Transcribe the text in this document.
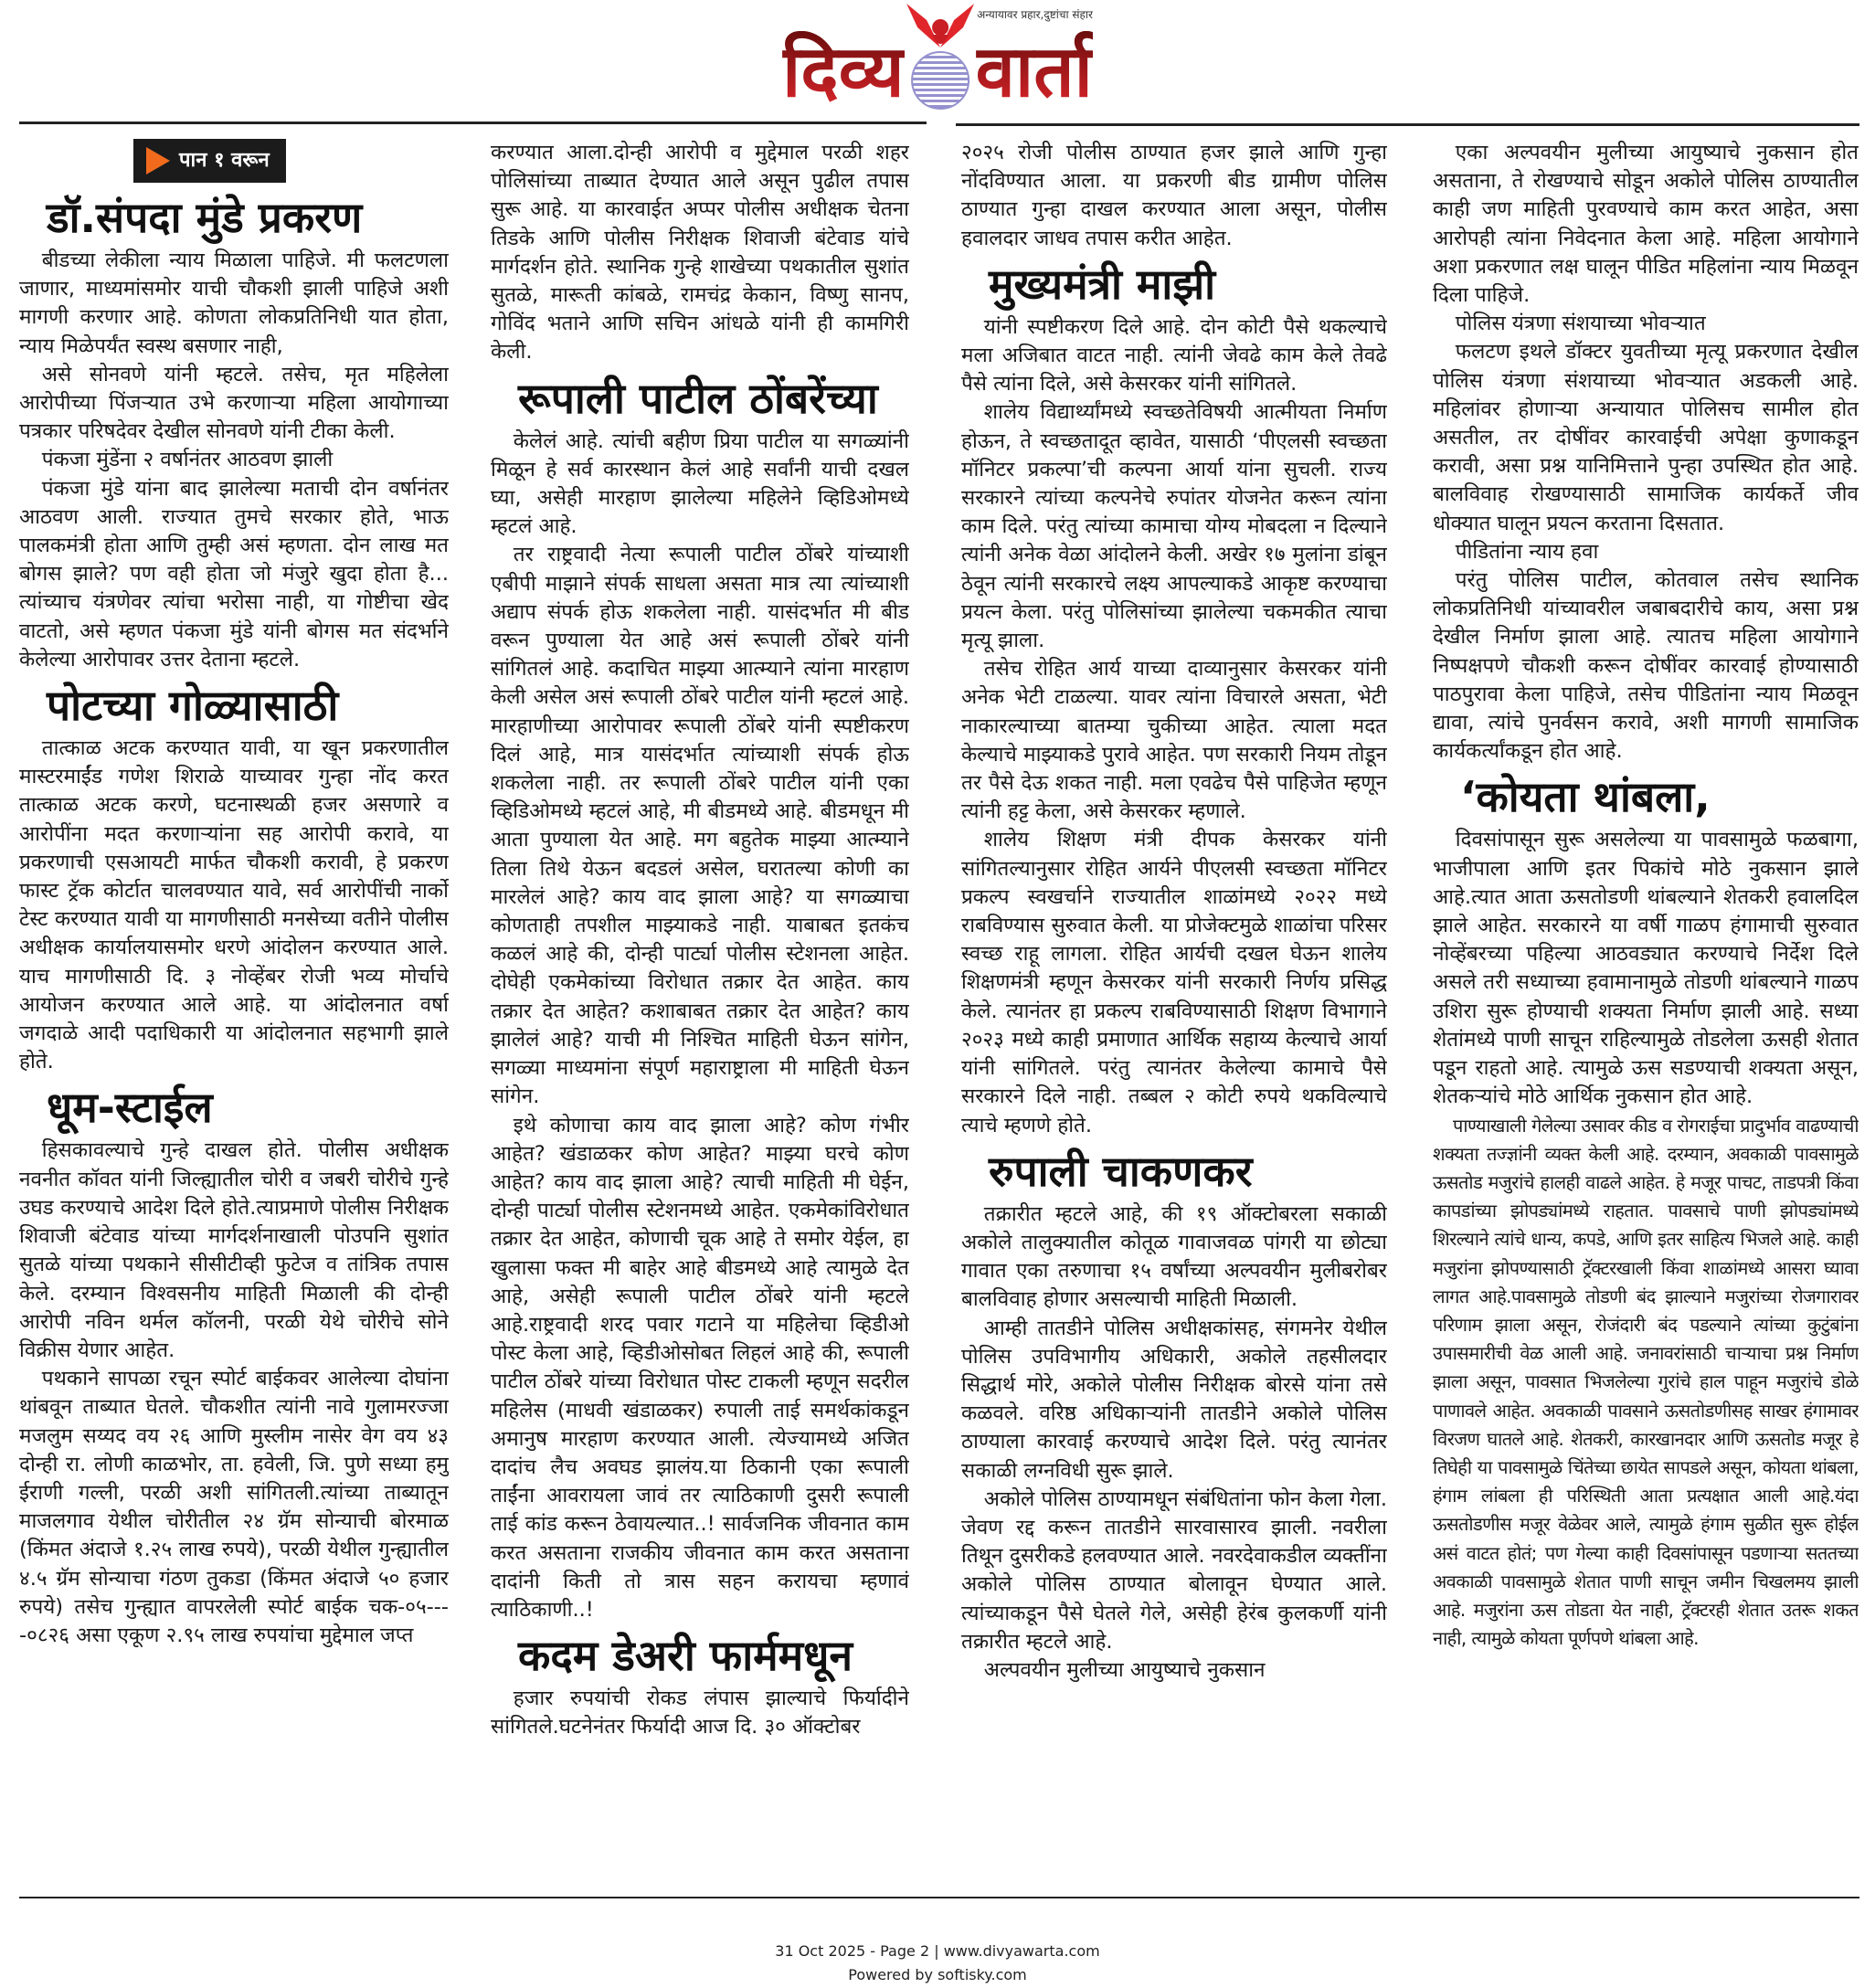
अन्यायावर प्रहार,दुष्टांचा संहार
दिव्य वार्ता
पान १ वरून
डॉ.संपदा मुंडे प्रकरण

बीडच्या लेकीला न्याय मिळाला पाहिजे. मी फलटणला जाणार, माध्यमांसमोर याची चौकशी झाली पाहिजे अशी मागणी करणार आहे. कोणता लोकप्रतिनिधी यात होता, न्याय मिळेपर्यंत स्वस्थ बसणार नाही,

असे सोनवणे यांनी म्हटले. तसेच, मृत महिलेला आरोपीच्या पिंजऱ्यात उभे करणाऱ्या महिला आयोगाच्या पत्रकार परिषदेवर देखील सोनवणे यांनी टीका केली.

पंकजा मुंडेंना २ वर्षानंतर आठवण झाली

पंकजा मुंडे यांना बाद झालेल्या मताची दोन वर्षानंतर आठवण आली. राज्यात तुमचे सरकार होते, भाऊ पालकमंत्री होता आणि तुम्ही असं म्हणता. दोन लाख मत बोगस झाले? पण वही होता जो मंजुरे खुदा होता है... त्यांच्याच यंत्रणेवर त्यांचा भरोसा नाही, या गोष्टीचा खेद वाटतो, असे म्हणत पंकजा मुंडे यांनी बोगस मत संदर्भाने केलेल्या आरोपावर उत्तर देताना म्हटले.

पोटच्या गोळ्यासाठी

तात्काळ अटक करण्यात यावी, या खून प्रकरणातील मास्टरमाईंड गणेश शिराळे याच्यावर गुन्हा नोंद करत तात्काळ अटक करणे, घटनास्थळी हजर असणारे व आरोपींना मदत करणाऱ्यांना सह आरोपी करावे, या प्रकरणाची एसआयटी मार्फत चौकशी करावी, हे प्रकरण फास्ट ट्रॅक कोर्टात चालवण्यात यावे, सर्व आरोपींची नार्को टेस्ट करण्यात यावी या मागणीसाठी मनसेच्या वतीने पोलीस अधीक्षक कार्यालयासमोर धरणे आंदोलन करण्यात आले. याच मागणीसाठी दि. ३ नोव्हेंबर रोजी भव्य मोर्चाचे आयोजन करण्यात आले आहे. या आंदोलनात वर्षा जगदाळे आदी पदाधिकारी या आंदोलनात सहभागी झाले होते.

धूम-स्टाईल

हिसकावल्याचे गुन्हे दाखल होते. पोलीस अधीक्षक नवनीत कॉवत यांनी जिल्ह्यातील चोरी व जबरी चोरीचे गुन्हे उघड करण्याचे आदेश दिले होते.त्याप्रमाणे पोलीस निरीक्षक शिवाजी बंटेवाड यांच्या मार्गदर्शनाखाली पोउपनि सुशांत सुतळे यांच्या पथकाने सीसीटीव्ही फुटेज व तांत्रिक तपास केले. दरम्यान विश्वसनीय माहिती मिळाली की दोन्ही आरोपी नविन थर्मल कॉलनी, परळी येथे चोरीचे सोने विक्रीस येणार आहेत.

पथकाने सापळा रचून स्पोर्ट बाईकवर आलेल्या दोघांना थांबवून ताब्यात घेतले. चौकशीत त्यांनी नावे गुलामरज्जा मजलुम सय्यद वय २६ आणि मुस्लीम नासेर वेग वय ४३ दोन्ही रा. लोणी काळभोर, ता. हवेली, जि. पुणे सध्या हमु ईराणी गल्ली, परळी अशी सांगितली.त्यांच्या ताब्यातून माजलगाव येथील चोरीतील २४ ग्रॅम सोन्याची बोरमाळ (किंमत अंदाजे १.२५ लाख रुपये), परळी येथील गुन्ह्यातील ४.५ ग्रॅम सोन्याचा गंठण तुकडा (किंमत अंदाजे ५० हजार रुपये) तसेच गुन्ह्यात वापरलेली स्पोर्ट बाईक चक-०५----०८२६ असा एकूण २.९५ लाख रुपयांचा मुद्देमाल जप्त

करण्यात आला.दोन्ही आरोपी व मुद्देमाल परळी शहर पोलिसांच्या ताब्यात देण्यात आले असून पुढील तपास सुरू आहे. या कारवाईत अप्पर पोलीस अधीक्षक चेतना तिडके आणि पोलीस निरीक्षक शिवाजी बंटेवाड यांचे मार्गदर्शन होते. स्थानिक गुन्हे शाखेच्या पथकातील सुशांत सुतळे, मारूती कांबळे, रामचंद्र केकान, विष्णु सानप, गोविंद भताने आणि सचिन आंधळे यांनी ही कामगिरी केली.

रूपाली पाटील ठोंबरेंच्या

केलेलं आहे. त्यांची बहीण प्रिया पाटील या सगळ्यांनी मिळून हे सर्व कारस्थान केलं आहे सर्वांनी याची दखल घ्या, असेही मारहाण झालेल्या महिलेने व्हिडिओमध्ये म्हटलं आहे.

तर राष्ट्रवादी नेत्या रूपाली पाटील ठोंबरे यांच्याशी एबीपी माझाने संपर्क साधला असता मात्र त्या त्यांच्याशी अद्याप संपर्क होऊ शकलेला नाही. यासंदर्भात मी बीड वरून पुण्याला येत आहे असं रूपाली ठोंबरे यांनी सांगितलं आहे. कदाचित माझ्या आत्म्याने त्यांना मारहाण केली असेल असं रूपाली ठोंबरे पाटील यांनी म्हटलं आहे. मारहाणीच्या आरोपावर रूपाली ठोंबरे यांनी स्पष्टीकरण दिलं आहे, मात्र यासंदर्भात त्यांच्याशी संपर्क होऊ शकलेला नाही. तर रूपाली ठोंबरे पाटील यांनी एका व्हिडिओमध्ये म्हटलं आहे, मी बीडमध्ये आहे. बीडमधून मी आता पुण्याला येत आहे. मग बहुतेक माझ्या आत्म्याने तिला तिथे येऊन बदडलं असेल, घरातल्या कोणी का मारलेलं आहे? काय वाद झाला आहे? या सगळ्याचा कोणताही तपशील माझ्याकडे नाही. याबाबत इतकंच कळलं आहे की, दोन्ही पार्ट्या पोलीस स्टेशनला आहेत. दोघेही एकमेकांच्या विरोधात तक्रार देत आहेत. काय तक्रार देत आहेत? कशाबाबत तक्रार देत आहेत? काय झालेलं आहे? याची मी निश्चित माहिती घेऊन सांगेन, सगळ्या माध्यमांना संपूर्ण महाराष्ट्राला मी माहिती घेऊन सांगेन.

इथे कोणाचा काय वाद झाला आहे? कोण गंभीर आहेत? खंडाळकर कोण आहेत? माझ्या घरचे कोण आहेत? काय वाद झाला आहे? त्याची माहिती मी घेईन, दोन्ही पार्ट्या पोलीस स्टेशनमध्ये आहेत. एकमेकांविरोधात तक्रार देत आहेत, कोणाची चूक आहे ते समोर येईल, हा खुलासा फक्त मी बाहेर आहे बीडमध्ये आहे त्यामुळे देत आहे, असेही रूपाली पाटील ठोंबरे यांनी म्हटले आहे.राष्ट्रवादी शरद पवार गटाने या महिलेचा व्हिडीओ पोस्ट केला आहे, व्हिडीओसोबत लिहलं आहे की, रूपाली पाटील ठोंबरे यांच्या विरोधात पोस्ट टाकली म्हणून सदरील महिलेस (माधवी खंडाळकर) रुपाली ताई समर्थकांकडून अमानुष मारहाण करण्यात आली. त्येज्यामध्ये अजित दादांच लैच अवघड झालंय.या ठिकानी एका रूपाली ताईंना आवरायला जावं तर त्याठिकाणी दुसरी रूपाली ताई कांड करून ठेवायल्यात..! सार्वजनिक जीवनात काम करत असताना राजकीय जीवनात काम करत असताना दादांनी किती तो त्रास सहन करायचा म्हणावं त्याठिकाणी..!

कदम डेअरी फार्ममधून

हजार रुपयांची रोकड लंपास झाल्याचे फिर्यादीने सांगितले.घटनेनंतर फिर्यादी आज दि. ३० ऑक्टोबर

२०२५ रोजी पोलीस ठाण्यात हजर झाले आणि गुन्हा नोंदविण्यात आला. या प्रकरणी बीड ग्रामीण पोलिस ठाण्यात गुन्हा दाखल करण्यात आला असून, पोलीस हवालदार जाधव तपास करीत आहेत.

मुख्यमंत्री माझी

यांनी स्पष्टीकरण दिले आहे. दोन कोटी पैसे थकल्याचे मला अजिबात वाटत नाही. त्यांनी जेवढे काम केले तेवढे पैसे त्यांना दिले, असे केसरकर यांनी सांगितले.

शालेय विद्यार्थ्यांमध्ये स्वच्छतेविषयी आत्मीयता निर्माण होऊन, ते स्वच्छतादूत व्हावेत, यासाठी ‘पीएलसी स्वच्छता मॉनिटर प्रकल्पा’ची कल्पना आर्या यांना सुचली. राज्य सरकारने त्यांच्या कल्पनेचे रुपांतर योजनेत करून त्यांना काम दिले. परंतु त्यांच्या कामाचा योग्य मोबदला न दिल्याने त्यांनी अनेक वेळा आंदोलने केली. अखेर १७ मुलांना डांबून ठेवून त्यांनी सरकारचे लक्ष्य आपल्याकडे आकृष्ट करण्याचा प्रयत्न केला. परंतु पोलिसांच्या झालेल्या चकमकीत त्याचा मृत्यू झाला.

तसेच रोहित आर्य याच्या दाव्यानुसार केसरकर यांनी अनेक भेटी टाळल्या. यावर त्यांना विचारले असता, भेटी नाकारल्याच्या बातम्या चुकीच्या आहेत. त्याला मदत केल्याचे माझ्याकडे पुरावे आहेत. पण सरकारी नियम तोडून तर पैसे देऊ शकत नाही. मला एवढेच पैसे पाहिजेत म्हणून त्यांनी हट्ट केला, असे केसरकर म्हणाले.

शालेय शिक्षण मंत्री दीपक केसरकर यांनी सांगितल्यानुसार रोहित आर्यने पीएलसी स्वच्छता मॉनिटर प्रकल्प स्वखर्चाने राज्यातील शाळांमध्ये २०२२ मध्ये राबविण्यास सुरुवात केली. या प्रोजेक्टमुळे शाळांचा परिसर स्वच्छ राहू लागला. रोहित आर्यची दखल घेऊन शालेय शिक्षणमंत्री म्हणून केसरकर यांनी सरकारी निर्णय प्रसिद्ध केले. त्यानंतर हा प्रकल्प राबविण्यासाठी शिक्षण विभागाने २०२३ मध्ये काही प्रमाणात आर्थिक सहाय्य केल्याचे आर्या यांनी सांगितले. परंतु त्यानंतर केलेल्या कामाचे पैसे सरकारने दिले नाही. तब्बल २ कोटी रुपये थकविल्याचे त्याचे म्हणणे होते.

रुपाली चाकणकर

तक्रारीत म्हटले आहे, की १९ ऑक्टोबरला सकाळी अकोले तालुक्यातील कोतूळ गावाजवळ पांगरी या छोट्या गावात एका तरुणाचा १५ वर्षांच्या अल्पवयीन मुलीबरोबर बालविवाह होणार असल्याची माहिती मिळाली.

आम्ही तातडीने पोलिस अधीक्षकांसह, संगमनेर येथील पोलिस उपविभागीय अधिकारी, अकोले तहसीलदार सिद्धार्थ मोरे, अकोले पोलीस निरीक्षक बोरसे यांना तसे कळवले. वरिष्ठ अधिकाऱ्यांनी तातडीने अकोले पोलिस ठाण्याला कारवाई करण्याचे आदेश दिले. परंतु त्यानंतर सकाळी लग्नविधी सुरू झाले.

अकोले पोलिस ठाण्यामधून संबंधितांना फोन केला गेला. जेवण रद्द करून तातडीने सारवासारव झाली. नवरीला तिथून दुसरीकडे हलवण्यात आले. नवरदेवाकडील व्यक्तींना अकोले पोलिस ठाण्यात बोलावून घेण्यात आले. त्यांच्याकडून पैसे घेतले गेले, असेही हेरंब कुलकर्णी यांनी तक्रारीत म्हटले आहे.

अल्पवयीन मुलीच्या आयुष्याचे नुकसान

एका अल्पवयीन मुलीच्या आयुष्याचे नुकसान होत असताना, ते रोखण्याचे सोडून अकोले पोलिस ठाण्यातील काही जण माहिती पुरवण्याचे काम करत आहेत, असा आरोपही त्यांना निवेदनात केला आहे. महिला आयोगाने अशा प्रकरणात लक्ष घालून पीडित महिलांना न्याय मिळवून दिला पाहिजे.

पोलिस यंत्रणा संशयाच्या भोवऱ्यात

फलटण इथले डॉक्टर युवतीच्या मृत्यू प्रकरणात देखील पोलिस यंत्रणा संशयाच्या भोवऱ्यात अडकली आहे. महिलांवर होणाऱ्या अन्यायात पोलिसच सामील होत असतील, तर दोषींवर कारवाईची अपेक्षा कुणाकडून करावी, असा प्रश्न यानिमित्ताने पुन्हा उपस्थित होत आहे. बालविवाह रोखण्यासाठी सामाजिक कार्यकर्ते जीव धोक्यात घालून प्रयत्न करताना दिसतात.

पीडितांना न्याय हवा

परंतु पोलिस पाटील, कोतवाल तसेच स्थानिक लोकप्रतिनिधी यांच्यावरील जबाबदारीचे काय, असा प्रश्न देखील निर्माण झाला आहे. त्यातच महिला आयोगाने निष्पक्षपणे चौकशी करून दोषींवर कारवाई होण्यासाठी पाठपुरावा केला पाहिजे, तसेच पीडितांना न्याय मिळवून द्यावा, त्यांचे पुनर्वसन करावे, अशी मागणी सामाजिक कार्यकर्त्यांकडून होत आहे.

‘कोयता थांबला,

दिवसांपासून सुरू असलेल्या या पावसामुळे फळबागा, भाजीपाला आणि इतर पिकांचे मोठे नुकसान झाले आहे.त्यात आता ऊसतोडणी थांबल्याने शेतकरी हवालदिल झाले आहेत. सरकारने या वर्षी गाळप हंगामाची सुरुवात नोव्हेंबरच्या पहिल्या आठवड्यात करण्याचे निर्देश दिले असले तरी सध्याच्या हवामानामुळे तोडणी थांबल्याने गाळप उशिरा सुरू होण्याची शक्यता निर्माण झाली आहे. सध्या शेतांमध्ये पाणी साचून राहिल्यामुळे तोडलेला ऊसही शेतात पडून राहतो आहे. त्यामुळे ऊस सडण्याची शक्यता असून, शेतकऱ्यांचे मोठे आर्थिक नुकसान होत आहे.

पाण्याखाली गेलेल्या उसावर कीड व रोगराईचा प्रादुर्भाव वाढण्याची शक्यता तज्ज्ञांनी व्यक्त केली आहे. दरम्यान, अवकाळी पावसामुळे ऊसतोड मजुरांचे हालही वाढले आहेत. हे मजूर पाचट, ताडपत्री किंवा कापडांच्या झोपड्यांमध्ये राहतात. पावसाचे पाणी झोपड्यांमध्ये शिरल्याने त्यांचे धान्य, कपडे, आणि इतर साहित्य भिजले आहे. काही मजुरांना झोपण्यासाठी ट्रॅक्टरखाली किंवा शाळांमध्ये आसरा घ्यावा लागत आहे.पावसामुळे तोडणी बंद झाल्याने मजुरांच्या रोजगारावर परिणाम झाला असून, रोजंदारी बंद पडल्याने त्यांच्या कुटुंबांना उपासमारीची वेळ आली आहे. जनावरांसाठी चाऱ्याचा प्रश्न निर्माण झाला असून, पावसात भिजलेल्या गुरांचे हाल पाहून मजुरांचे डोळे पाणावले आहेत. अवकाळी पावसाने ऊसतोडणीसह साखर हंगामावर विरजण घातले आहे. शेतकरी, कारखानदार आणि ऊसतोड मजूर हे तिघेही या पावसामुळे चिंतेच्या छायेत सापडले असून, कोयता थांबला, हंगाम लांबला ही परिस्थिती आता प्रत्यक्षात आली आहे.यंदा ऊसतोडणीस मजूर वेळेवर आले, त्यामुळे हंगाम सुळीत सुरू होईल असं वाटत होतं; पण गेल्या काही दिवसांपासून पडणाऱ्या सततच्या अवकाळी पावसामुळे शेतात पाणी साचून जमीन चिखलमय झाली आहे. मजुरांना ऊस तोडता येत नाही, ट्रॅक्टरही शेतात उतरू शकत नाही, त्यामुळे कोयता पूर्णपणे थांबला आहे.

31 Oct 2025 - Page 2 | www.divyawarta.com
Powered by softisky.com
